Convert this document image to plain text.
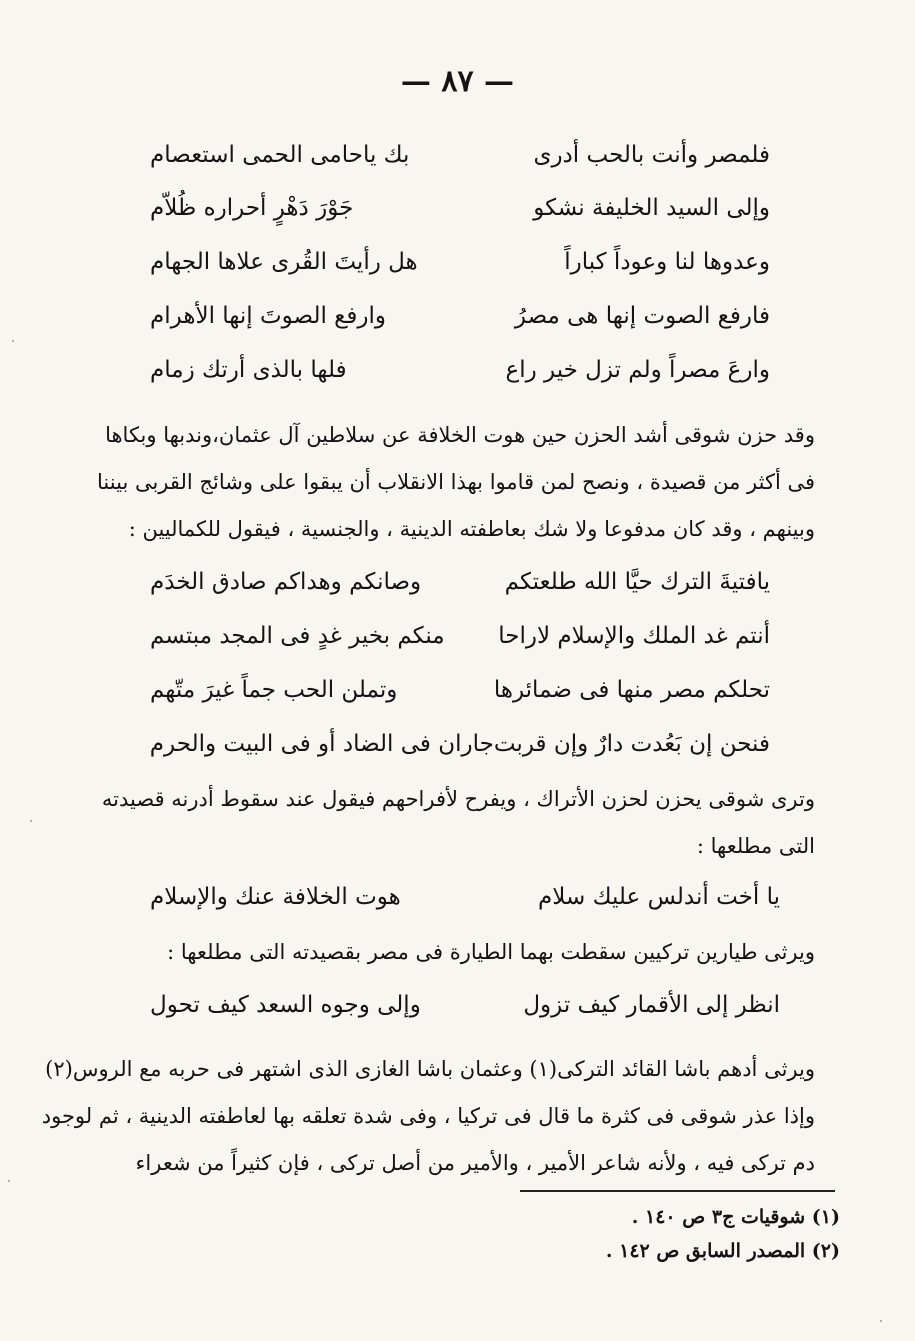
— ٨٧ —
فلمصر وأنت بالحب أدرى
بك ياحامى الحمى استعصام
وإلى السيد الخليفة نشكو
جَوْرَ دَهْرٍ أحراره ظُلاّم
وعدوها لنا وعوداً كباراً
هل رأيتَ القُرى علاها الجهام
فارفع الصوت إنها هى مصرُ
وارفع الصوتَ إنها الأهرام
وارعَ مصراً ولم تزل خير راع
فلها بالذى أرتك زمام
وقد حزن شوقى أشد الحزن حين هوت الخلافة عن سلاطين آل عثمان،وندبها وبكاها
فى أكثر من قصيدة ، ونصح لمن قاموا بهذا الانقلاب أن يبقوا على وشائج القربى بيننا
وبينهم ، وقد كان مدفوعا ولا شك بعاطفته الدينية ، والجنسية ، فيقول للكماليين :
يافتيةَ الترك حيَّا الله طلعتكم
وصانكم وهداكم صادق الخدَم
أنتم غد الملك والإسلام لاراحا
منكم بخير غدٍ فى المجد مبتسم
تحلكم مصر منها فى ضمائرها
وتملن الحب جماً غيرَ متّهم
فنحن إن بَعُدت دارٌ وإن قربت
جاران فى الضاد أو فى البيت والحرم
وترى شوقى يحزن لحزن الأتراك ، ويفرح لأفراحهم فيقول عند سقوط أدرنه قصيدته
التى مطلعها :
يا أخت أندلس عليك سلام
هوت الخلافة عنك والإسلام
ويرثى طيارين تركيين سقطت بهما الطيارة فى مصر بقصيدته التى مطلعها :
انظر إلى الأقمار كيف تزول
وإلى وجوه السعد كيف تحول
ويرثى أدهم باشا القائد التركى(١) وعثمان باشا الغازى الذى اشتهر فى حربه مع الروس(٢)
وإذا عذر شوقى فى كثرة ما قال فى تركيا ، وفى شدة تعلقه بها لعاطفته الدينية ، ثم لوجود
دم تركى فيه ، ولأنه شاعر الأمير ، والأمير من أصل تركى ، فإن كثيراً من شعراء
(١) شوقيات ج٣ ص ١٤٠ .
(٢) المصدر السابق ص ١٤٢ .
